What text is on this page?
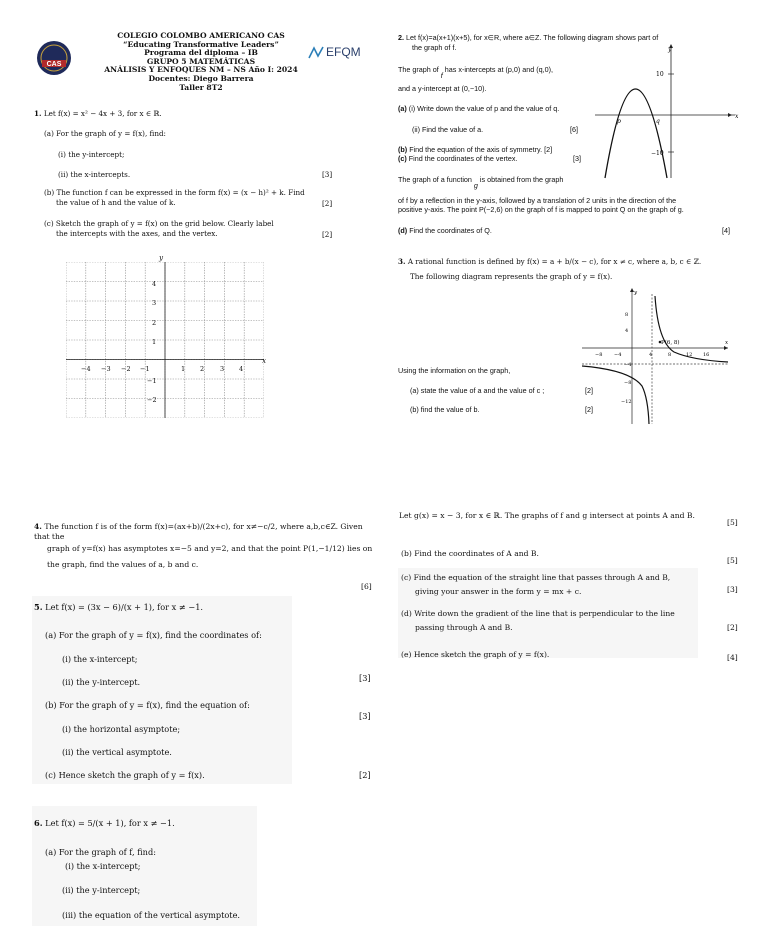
CAS
COLEGIO COLOMBO AMERICANO CAS
“Educating Transformative Leaders”
Programa del diploma – IB
GRUPO 5 MATEMÁTICAS
ANÁLISIS Y ENFOQUES NM – NS Año I: 2024
Docentes: Diego Barrera
Taller 8T2
EFQM
1. Let f(x) = x² − 4x + 3, for x ∈ ℝ.
(a) For the graph of y = f(x), find:
(i) the y-intercept;
(ii) the x-intercepts.	[3]
(b) The function f can be expressed in the form f(x) = (x − h)² + k. Find
the value of h and the value of k.	[2]
(c) Sketch the graph of y = f(x) on the grid below. Clearly label
the intercepts with the axes, and the vertex.	[2]
y
x
4
3
2
1
−1
−2
−4 −3 −2 −1	1 2 3 4
2. Let f(x)=a(x+1)(x+5), for x∈R, where a∈Z. The following diagram shows part of
the graph of f.
The graph of f has x-intercepts at (p,0) and (q,0),
and a y-intercept at (0,−10).
(a) (i) Write down the value of p and the value of q.
(ii) Find the value of a.	[6]
(b) Find the equation of the axis of symmetry. [2]
(c) Find the coordinates of the vertex.	[3]
The graph of a function g is obtained from the graph
of f by a reflection in the y-axis, followed by a translation of 2 units in the direction of the
positive y-axis. The point P(−2,6) on the graph of f is mapped to point Q on the graph of g.
(d) Find the coordinates of Q.	[4]
10
−10
p	q
y
x
3. A rational function is defined by f(x) = a + b/(x − c), for x ≠ c, where a, b, c ∈ ℤ.
The following diagram represents the graph of y = f(x).
Using the information on the graph,
(a) state the value of a and the value of c ;	[2]
(b) find the value of b.	[2]
P(6, 8)
y
x
8
4
−4
−8
−12
−8 −4	4	8	12 16
4. The function f is of the form f(x)=(ax+b)/(2x+c), for x≠−c/2, where a,b,c∈Z. Given that the
graph of y=f(x) has asymptotes x=−5 and y=2, and that the point P(1,−1/12) lies on
the graph, find the values of a, b and c.
[6]
5. Let f(x) = (3x − 6)/(x + 1), for x ≠ −1.
(a) For the graph of y = f(x), find the coordinates of:
(i) the x-intercept;
(ii) the y-intercept.	[3]
(b) For the graph of y = f(x), find the equation of:
[3]
(i) the horizontal asymptote;
(ii) the vertical asymptote.
(c) Hence sketch the graph of y = f(x).	[2]
6. Let f(x) = 5/(x + 1), for x ≠ −1.
(a) For the graph of f, find:
(i) the x-intercept;
(ii) the y-intercept;
(iii) the equation of the vertical asymptote.
Let g(x) = x − 3, for x ∈ ℝ. The graphs of f and g intersect at points A and B.
[5]
(b) Find the coordinates of A and B.
[5]
(c) Find the equation of the straight line that passes through A and B,
giving your answer in the form y = mx + c.	[3]
(d) Write down the gradient of the line that is perpendicular to the line
passing through A and B.	[2]
(e) Hence sketch the graph of y = f(x).	[4]
